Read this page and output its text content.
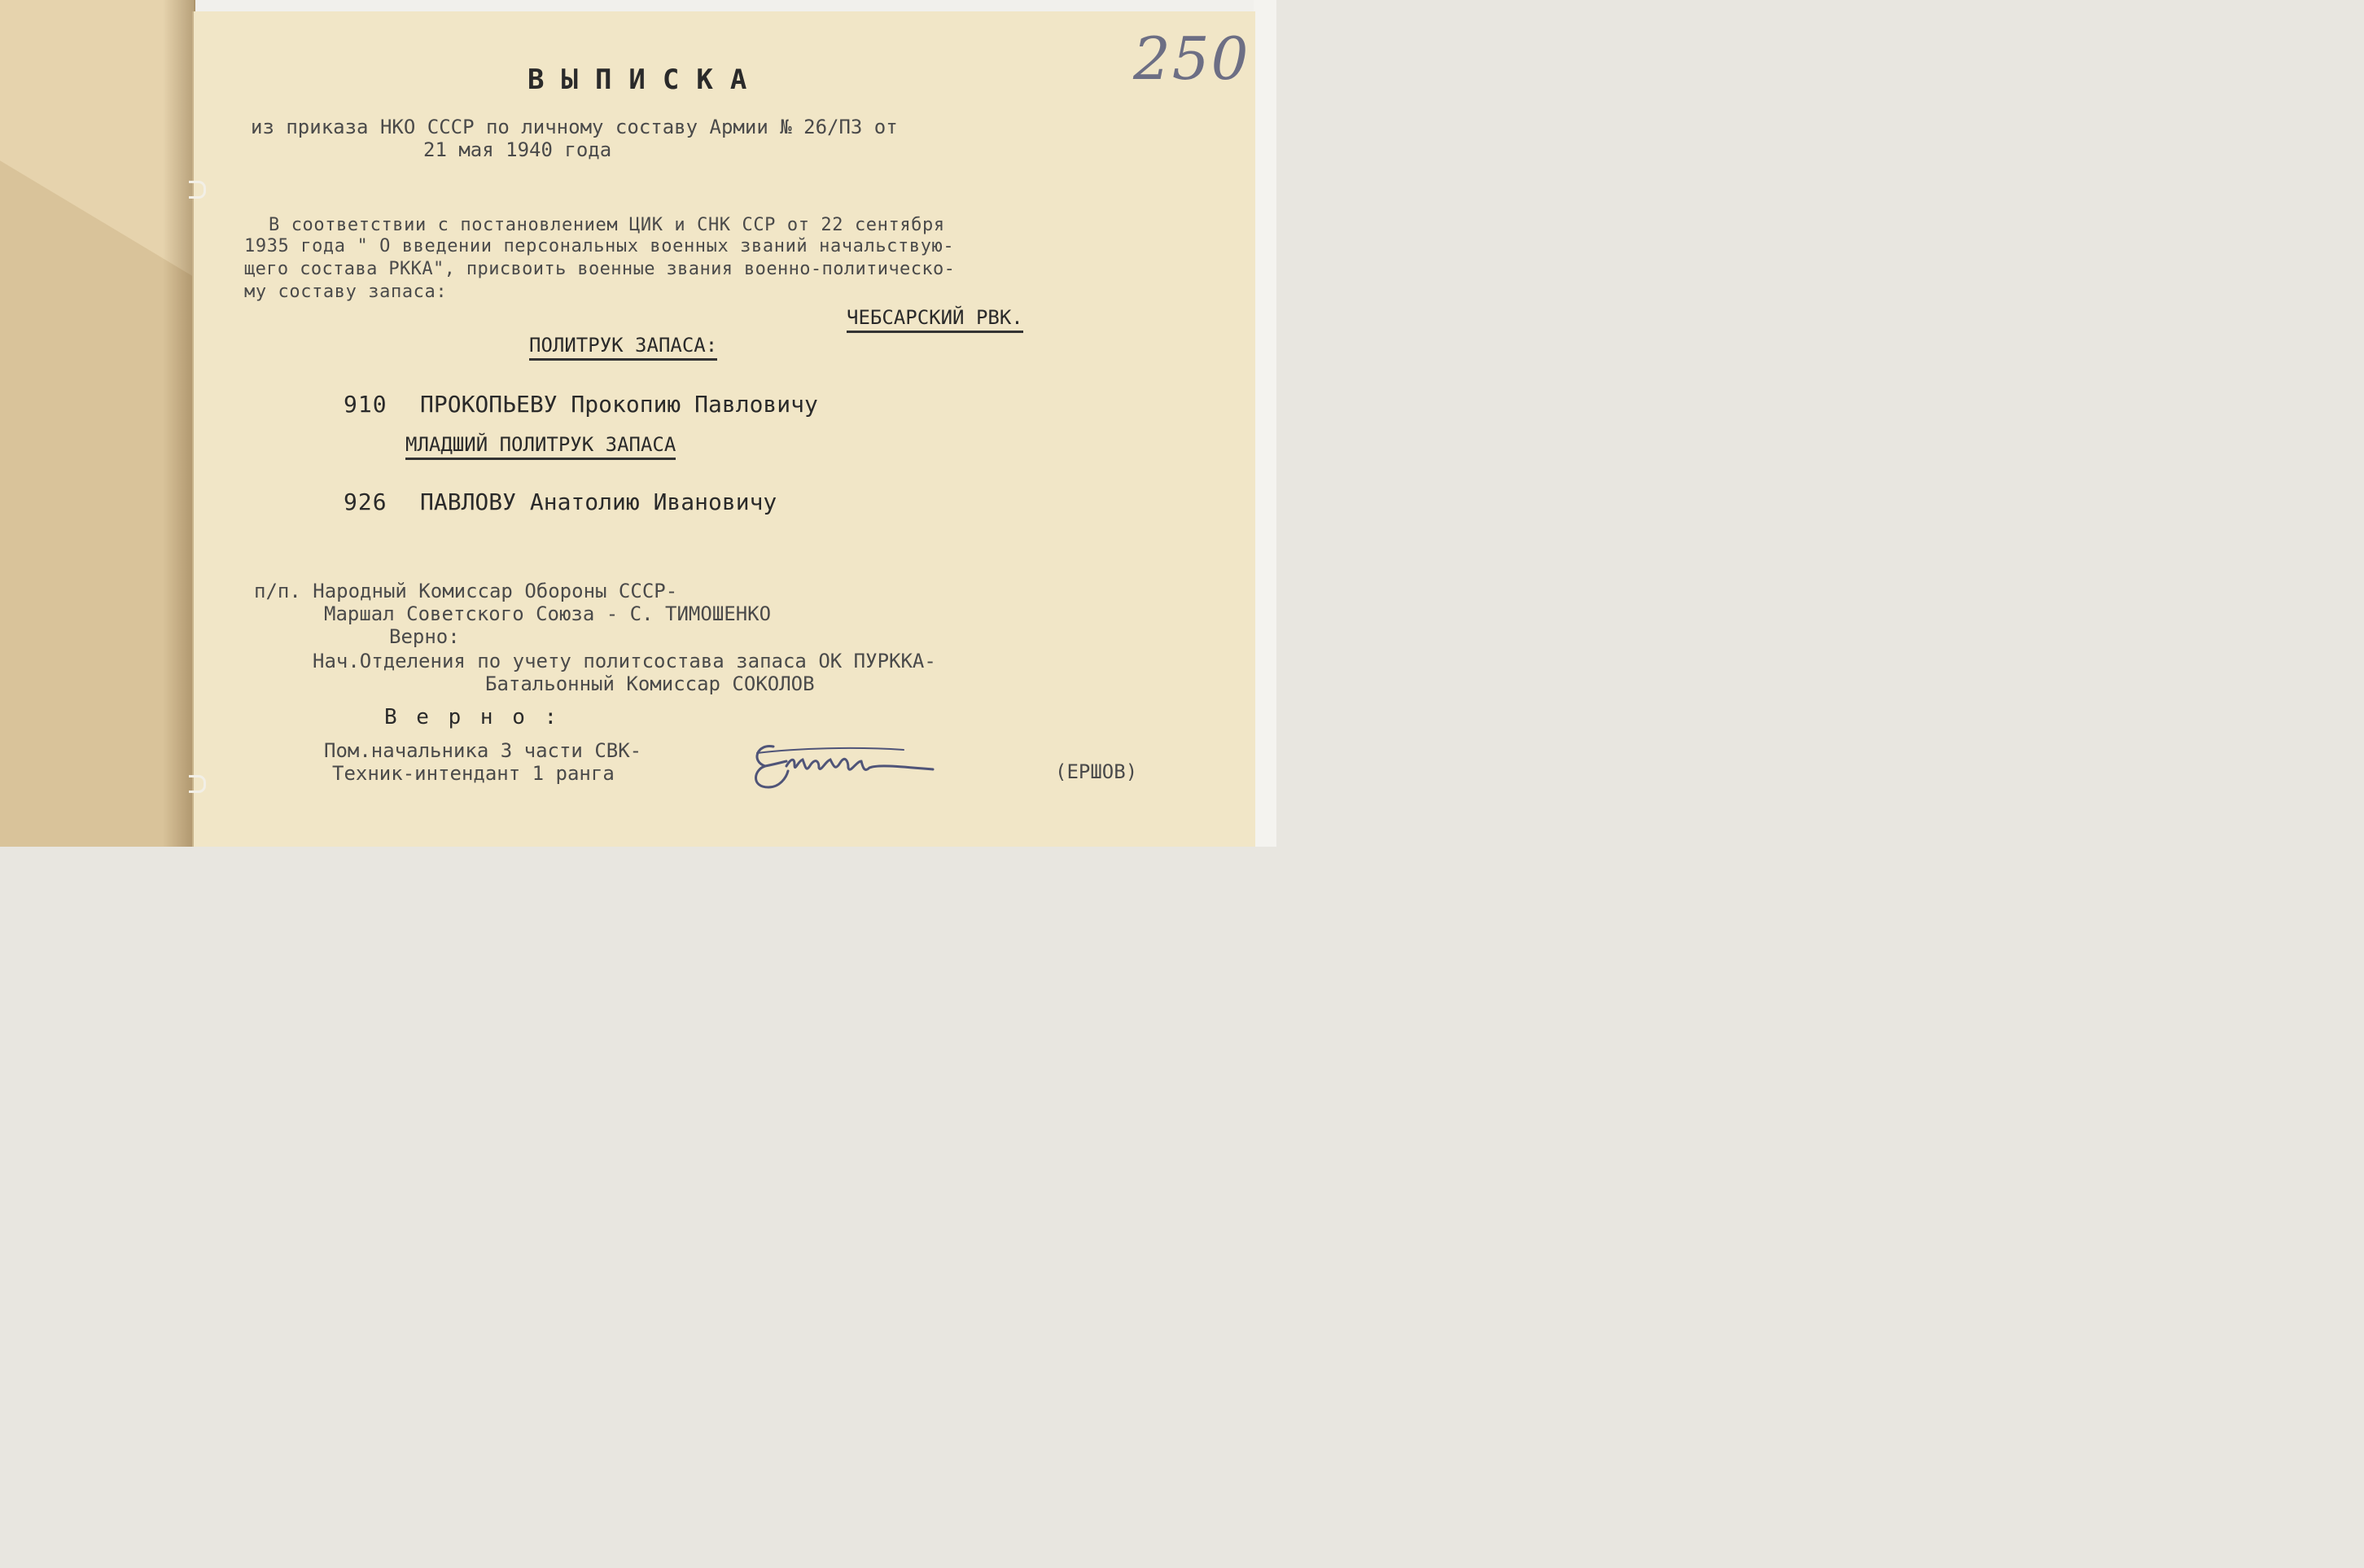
250
ВЫПИСКА
из приказа НКО СССР по личному составу Армии № 26/ПЗ от
21 мая 1940 года
В соответствии с постановлением ЦИК и СНК ССР от 22 сентября
1935 года " О введении персональных военных званий начальствую-
щего состава РККА", присвоить военные звания военно-политическо-
му составу запаса:
ЧЕБСАРСКИЙ РВК.
ПОЛИТРУК ЗАПАСА:
910 ПРОКОПЬЕВУ Прокопию Павловичу
МЛАДШИЙ ПОЛИТРУК ЗАПАСА
926 ПАВЛОВУ Анатолию Ивановичу
п/п. Народный Комиссар Обороны СССР-
Маршал Советского Союза - С. ТИМОШЕНКО
Верно:
Нач.Отделения по учету политсостава запаса ОК ПУРККА-
Батальонный Комиссар СОКОЛОВ
В е р н о :
Пом.начальника 3 части СВК-
Техник-интендант 1 ранга	(ЕРШОВ)
